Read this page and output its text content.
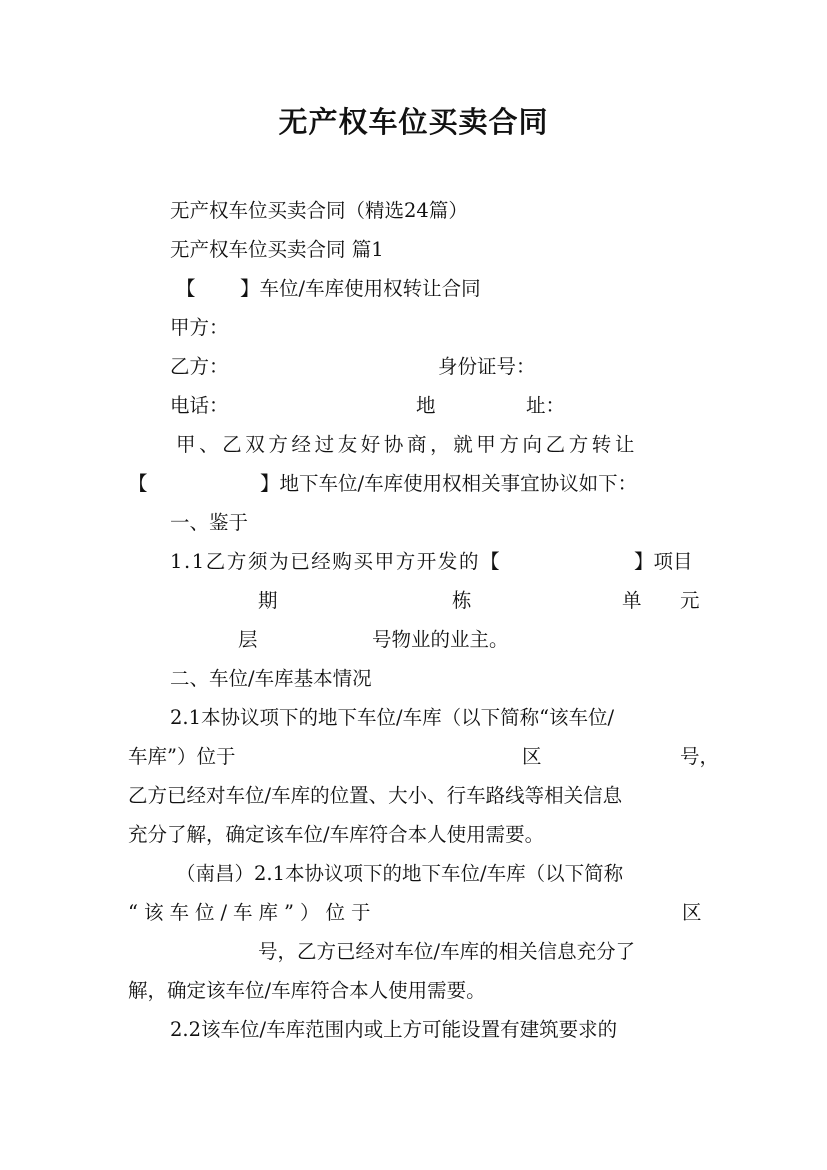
无产权车位买卖合同
无产权车位买卖合同（精选24篇）
无产权车位买卖合同 篇1
【 】车位/车库使用权转让合同
甲方：
乙方：	身份证号：
电话：	地	址：
甲、乙双方经过友好协商，就甲方向乙方转让
【	】地下车位/车库使用权相关事宜协议如下：
一、鉴于
1.1乙方须为已经购买甲方开发的【	】项目
期	栋	单 元
层	号物业的业主。
二、车位/车库基本情况
2.1本协议项下的地下车位/车库（以下简称“该车位/
车库”）位于	区	号，
乙方已经对车位/车库的位置、大小、行车路线等相关信息
充分了解，确定该车位/车库符合本人使用需要。
（南昌）2.1本协议项下的地下车位/车库（以下简称
“该车位/车库”）位于	区
号，乙方已经对车位/车库的相关信息充分了
解，确定该车位/车库符合本人使用需要。
2.2该车位/车库范围内或上方可能设置有建筑要求的
